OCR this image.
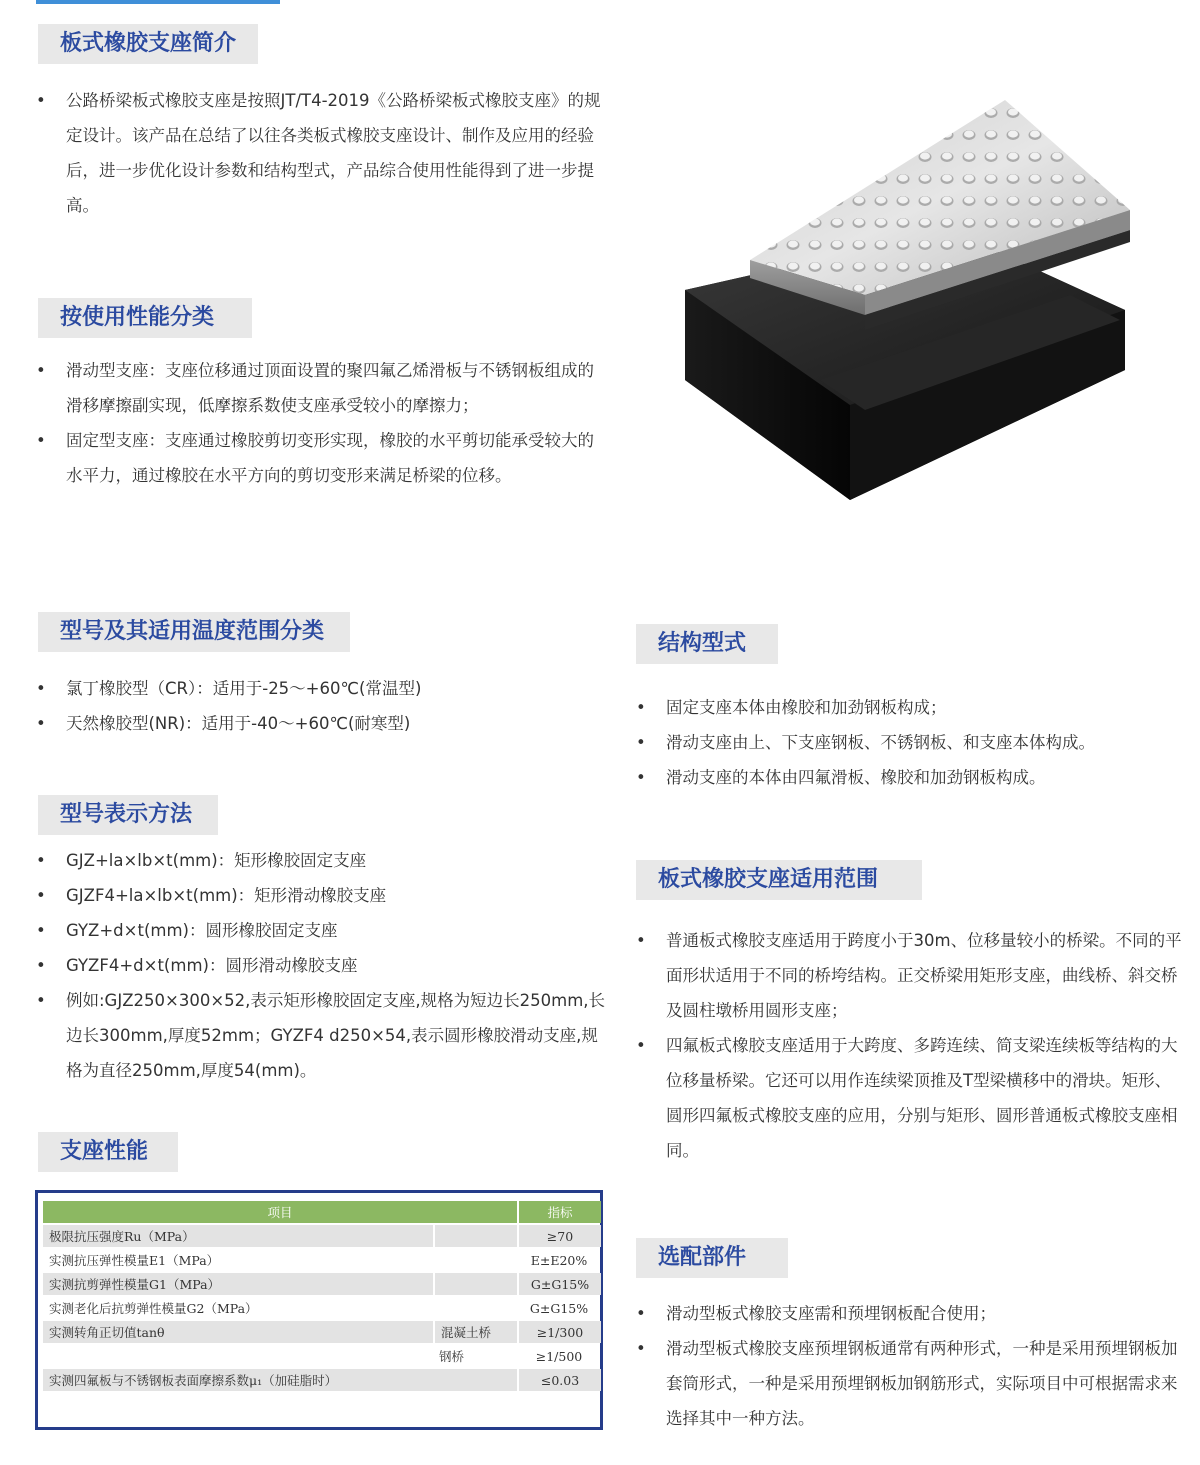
板式橡胶支座简介
• 公路桥梁板式橡胶支座是按照JT/T4-2019《公路桥梁板式橡胶支座》的规定设计。该产品在总结了以往各类板式橡胶支座设计、制作及应用的经验后，进一步优化设计参数和结构型式，产品综合使用性能得到了进一步提高。
按使用性能分类
• 滑动型支座：支座位移通过顶面设置的聚四氟乙烯滑板与不锈钢板组成的滑移摩擦副实现，低摩擦系数使支座承受较小的摩擦力；
• 固定型支座：支座通过橡胶剪切变形实现，橡胶的水平剪切能承受较大的水平力，通过橡胶在水平方向的剪切变形来满足桥梁的位移。
型号及其适用温度范围分类
• 氯丁橡胶型（CR）：适用于-25～+60℃(常温型)
• 天然橡胶型(NR)：适用于-40～+60℃(耐寒型)
型号表示方法
• GJZ+la×lb×t(mm)：矩形橡胶固定支座
• GJZF4+la×lb×t(mm)：矩形滑动橡胶支座
• GYZ+d×t(mm)：圆形橡胶固定支座
• GYZF4+d×t(mm)：圆形滑动橡胶支座
• 例如:GJZ250×300×52,表示矩形橡胶固定支座,规格为短边长250mm,长边长300mm,厚度52mm；GYZF4 d250×54,表示圆形橡胶滑动支座,规格为直径250mm,厚度54(mm)。
支座性能
项目		指标
极限抗压强度Ru（MPa）		≥70
实测抗压弹性模量E1（MPa）		E±E20%
实测抗剪弹性模量G1（MPa）		G±G15%
实测老化后抗剪弹性模量G2（MPa）		G±G15%
实测转角正切值tanθ	混凝土桥	≥1/300
	钢桥	≥1/500
实测四氟板与不锈钢板表面摩擦系数μ₁（加硅脂时）		≤0.03
结构型式
• 固定支座本体由橡胶和加劲钢板构成；
• 滑动支座由上、下支座钢板、不锈钢板、和支座本体构成。
• 滑动支座的本体由四氟滑板、橡胶和加劲钢板构成。
板式橡胶支座适用范围
• 普通板式橡胶支座适用于跨度小于30m、位移量较小的桥梁。不同的平面形状适用于不同的桥垮结构。正交桥梁用矩形支座，曲线桥、斜交桥及圆柱墩桥用圆形支座；
• 四氟板式橡胶支座适用于大跨度、多跨连续、简支梁连续板等结构的大位移量桥梁。它还可以用作连续梁顶推及T型梁横移中的滑块。矩形、圆形四氟板式橡胶支座的应用，分别与矩形、圆形普通板式橡胶支座相同。
选配部件
• 滑动型板式橡胶支座需和预埋钢板配合使用；
• 滑动型板式橡胶支座预埋钢板通常有两种形式，一种是采用预埋钢板加套筒形式，一种是采用预埋钢板加钢筋形式，实际项目中可根据需求来选择其中一种方法。
